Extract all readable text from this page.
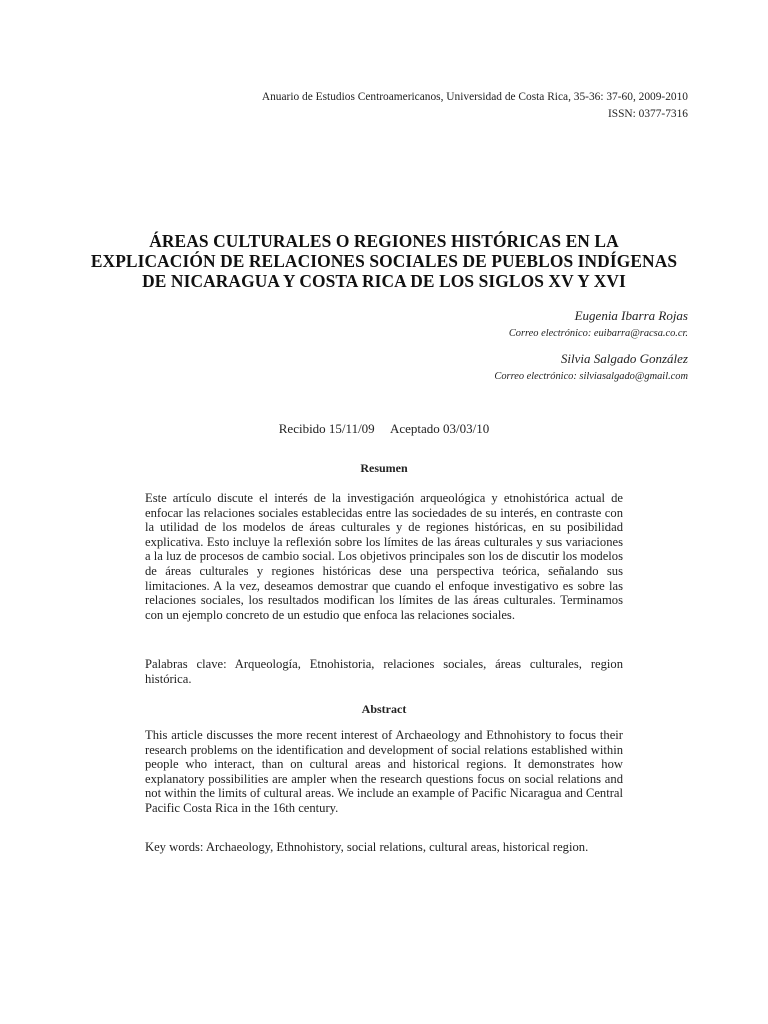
Anuario de Estudios Centroamericanos, Universidad de Costa Rica, 35-36: 37-60, 2009-2010
ISSN: 0377-7316
ÁREAS CULTURALES O REGIONES HISTÓRICAS EN LA
EXPLICACIÓN DE RELACIONES SOCIALES DE PUEBLOS INDÍGENAS
DE NICARAGUA Y COSTA RICA DE LOS SIGLOS XV Y XVI
Eugenia Ibarra Rojas
Correo electrónico: euibarra@racsa.co.cr.
Silvia Salgado González
Correo electrónico: silviasalgado@gmail.com
Recibido 15/11/09 Aceptado 03/03/10
Resumen
Este artículo discute el interés de la investigación arqueológica y etnohistórica actual de enfocar las relaciones sociales establecidas entre las sociedades de su interés, en contraste con la utilidad de los modelos de áreas culturales y de regiones históricas, en su posibilidad explicativa. Esto incluye la reflexión sobre los límites de las áreas culturales y sus variaciones a la luz de procesos de cambio social. Los objetivos principales son los de discutir los modelos de áreas culturales y regiones históricas dese una perspectiva teórica, señalando sus limitaciones. A la vez, deseamos demostrar que cuando el enfoque investigativo es sobre las relaciones sociales, los resultados modifican los límites de las áreas culturales. Terminamos con un ejemplo concreto de un estudio que enfoca las relaciones sociales.
Palabras clave: Arqueología, Etnohistoria, relaciones sociales, áreas culturales, region histórica.
Abstract
This article discusses the more recent interest of Archaeology and Ethnohistory to focus their research problems on the identification and development of social relations established within people who interact, than on cultural areas and historical regions. It demonstrates how explanatory possibilities are ampler when the research questions focus on social relations and not within the limits of cultural areas. We include an example of Pacific Nicaragua and Central Pacific Costa Rica in the 16th century.
Key words: Archaeology, Ethnohistory, social relations, cultural areas, historical region.
